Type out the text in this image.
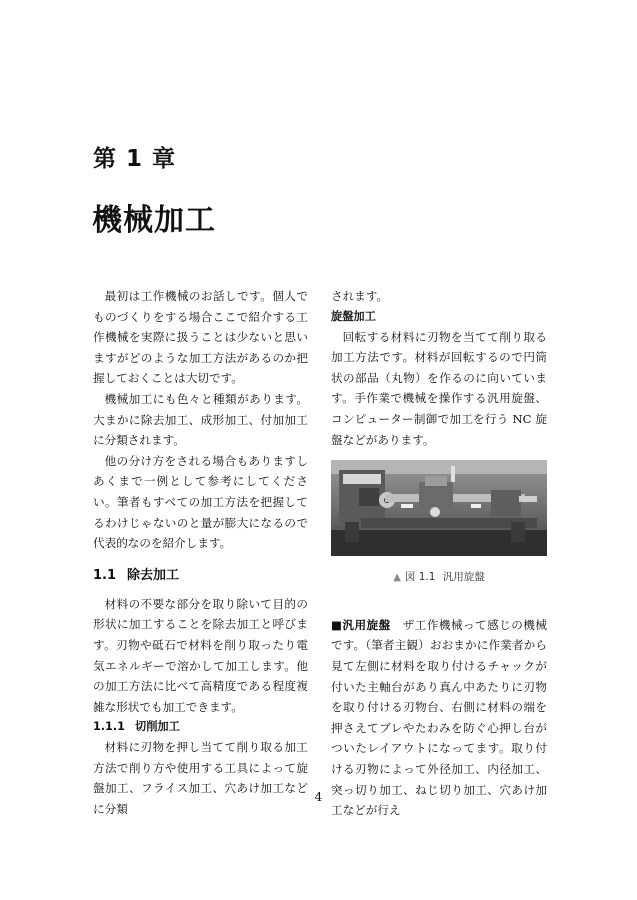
第 1 章
機械加工

最初は工作機械のお話しです。個人でものづくりをする場合ここで紹介する工作機械を実際に扱うことは少ないと思いますがどのような加工方法があるのか把握しておくことは大切です。

機械加工にも色々と種類があります。大まかに除去加工、成形加工、付加加工に分類されます。

他の分け方をされる場合もありますしあくまで一例として参考にしてください。筆者もすべての加工方法を把握してるわけじゃないのと量が膨大になるので代表的なのを紹介します。

1.1 除去加工

材料の不要な部分を取り除いて目的の形状に加工することを除去加工と呼びます。刃物や砥石で材料を削り取ったり電気エネルギーで溶かして加工します。他の加工方法に比べて高精度である程度複雑な形状でも加工できます。

1.1.1 切削加工

材料に刃物を押し当てて削り取る加工方法で削り方や使用する工具によって旋盤加工、フライス加工、穴あけ加工などに分類

されます。

旋盤加工

回転する材料に刃物を当てて削り取る加工方法です。材料が回転するので円筒状の部品（丸物）を作るのに向いています。手作業で機械を操作する汎用旋盤、コンピューター制御で加工を行う NC 旋盤などがあります。

▲ 図 1.1 汎用旋盤

■汎用旋盤　 ザ工作機械って感じの機械です。（筆者主観）おおまかに作業者から見て左側に材料を取り付けるチャックが付いた主軸台があり真ん中あたりに刃物を取り付ける刃物台、右側に材料の端を押さえてブレやたわみを防ぐ心押し台がついたレイアウトになってます。取り付ける刃物によって外径加工、内径加工、突っ切り加工、ねじ切り加工、穴あけ加工などが行え

4
